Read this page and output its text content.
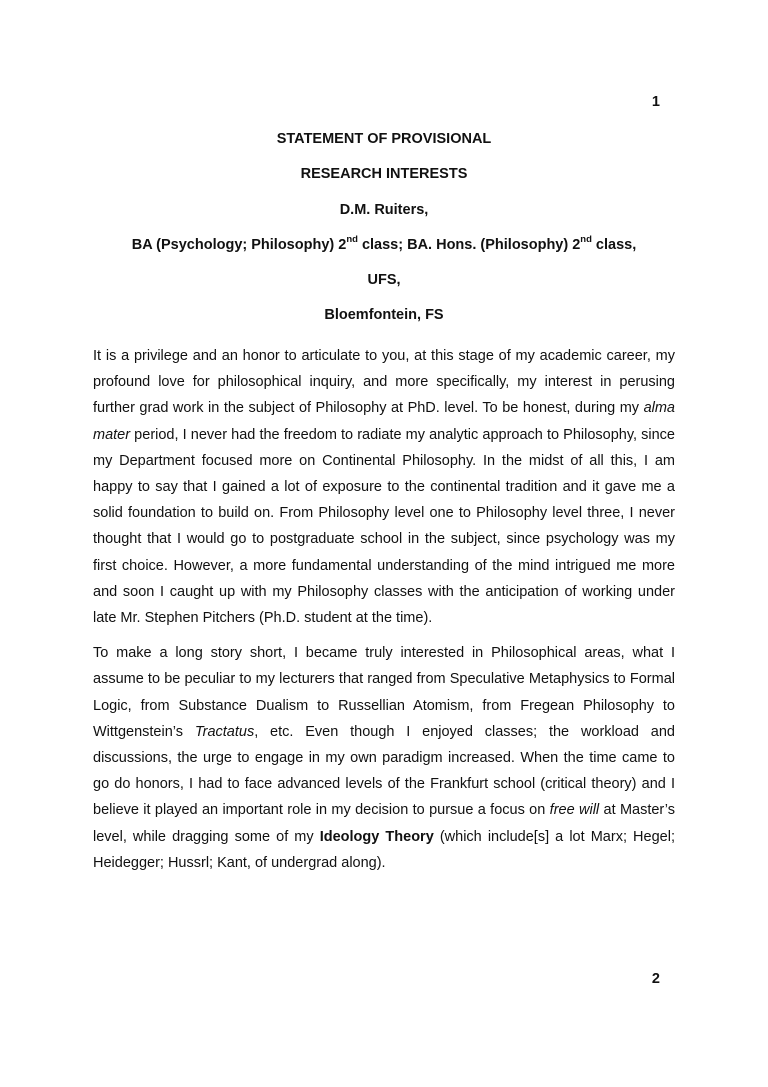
1
STATEMENT OF PROVISIONAL
RESEARCH INTERESTS
D.M. Ruiters,
BA (Psychology; Philosophy) 2nd class; BA. Hons. (Philosophy) 2nd class,
UFS,
Bloemfontein, FS

It is a privilege and an honor to articulate to you, at this stage of my academic career, my profound love for philosophical inquiry, and more specifically, my interest in perusing further grad work in the subject of Philosophy at PhD. level. To be honest, during my alma mater period, I never had the freedom to radiate my analytic approach to Philosophy, since my Department focused more on Continental Philosophy. In the midst of all this, I am happy to say that I gained a lot of exposure to the continental tradition and it gave me a solid foundation to build on. From Philosophy level one to Philosophy level three, I never thought that I would go to postgraduate school in the subject, since psychology was my first choice. However, a more fundamental understanding of the mind intrigued me more and soon I caught up with my Philosophy classes with the anticipation of working under late Mr. Stephen Pitchers (Ph.D. student at the time).

To make a long story short, I became truly interested in Philosophical areas, what I assume to be peculiar to my lecturers that ranged from Speculative Metaphysics to Formal Logic, from Substance Dualism to Russellian Atomism, from Fregean Philosophy to Wittgenstein’s Tractatus, etc. Even though I enjoyed classes; the workload and discussions, the urge to engage in my own paradigm increased. When the time came to go do honors, I had to face advanced levels of the Frankfurt school (critical theory) and I believe it played an important role in my decision to pursue a focus on free will at Master’s level, while dragging some of my Ideology Theory (which include[s] a lot Marx; Hegel; Heidegger; Hussrl; Kant, of undergrad along).

2
